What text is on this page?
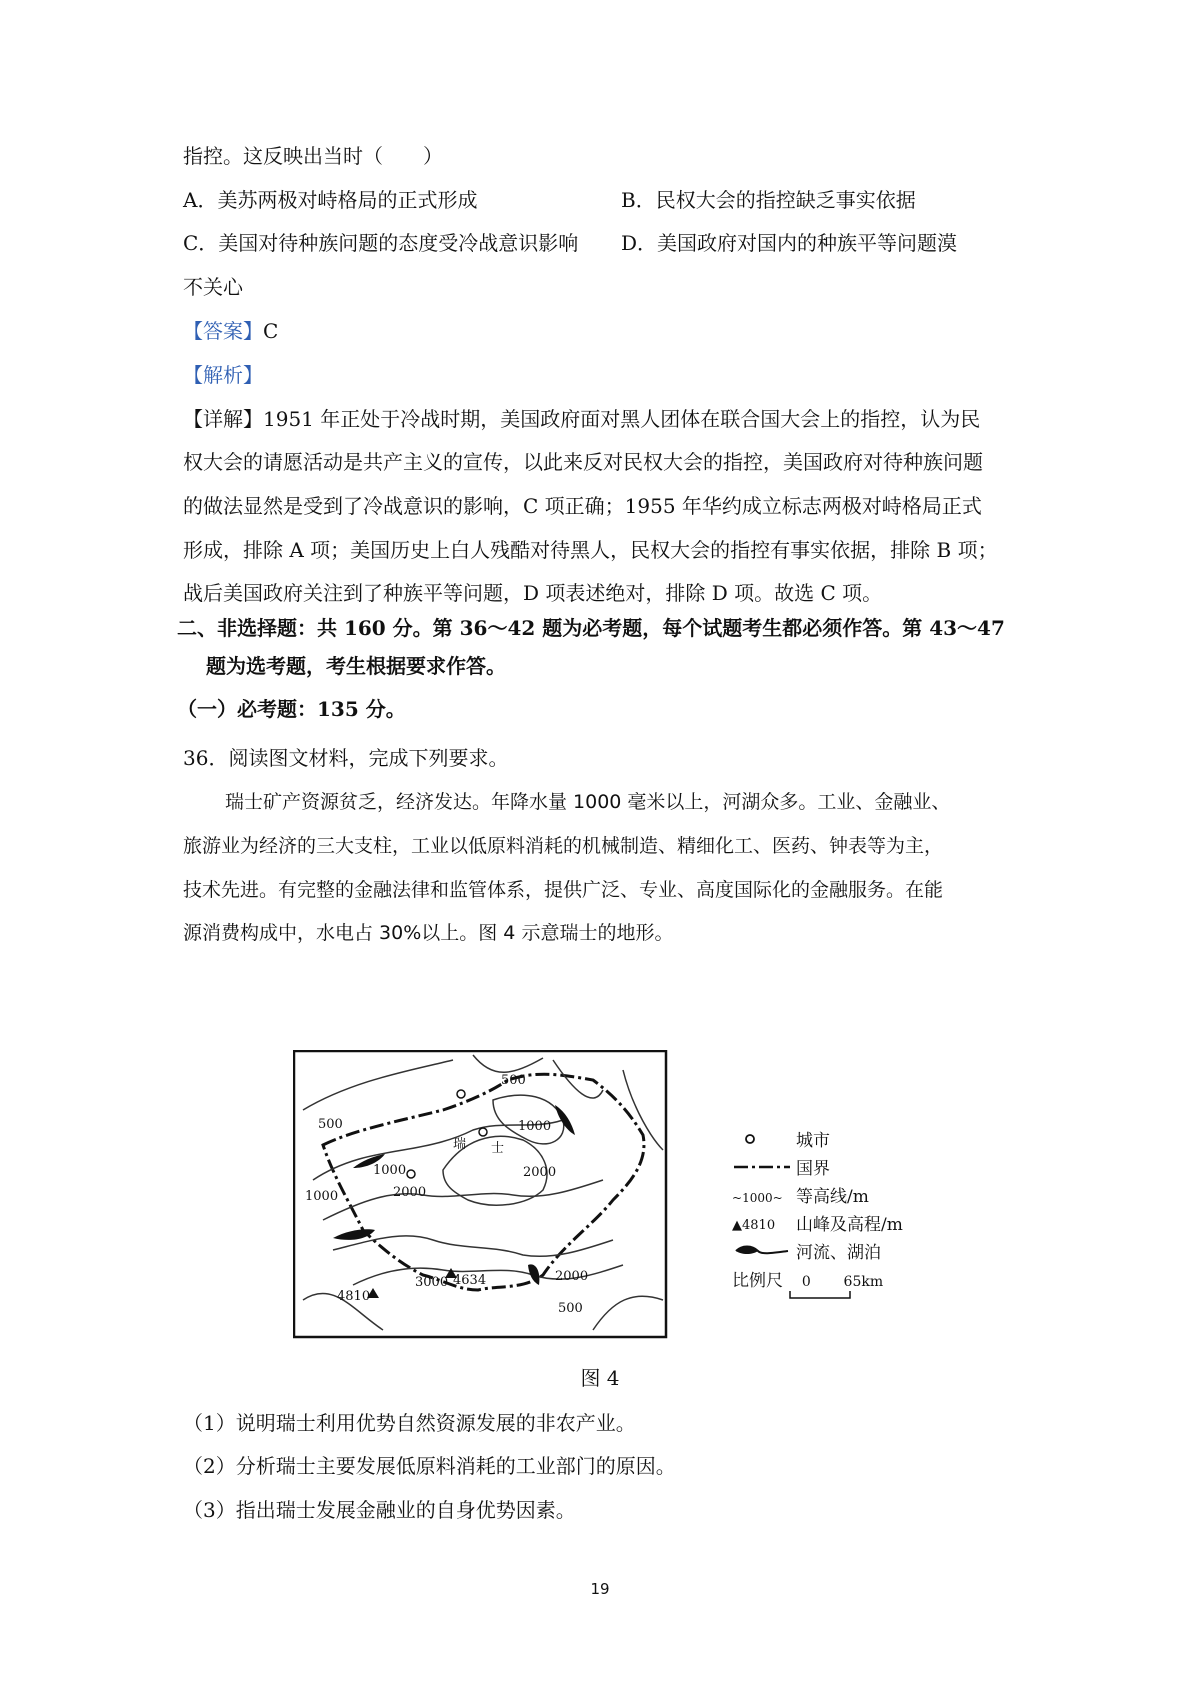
指控。这反映出当时（　　）
A．美苏两极对峙格局的正式形成	B．民权大会的指控缺乏事实依据
C．美国对待种族问题的态度受冷战意识影响 D．美国政府对国内的种族平等问题漠
不关心
【答案】C
【解析】
【详解】1951 年正处于冷战时期，美国政府面对黑人团体在联合国大会上的指控，认为民
权大会的请愿活动是共产主义的宣传，以此来反对民权大会的指控，美国政府对待种族问题
的做法显然是受到了冷战意识的影响，C 项正确；1955 年华约成立标志两极对峙格局正式
形成，排除 A 项；美国历史上白人残酷对待黑人，民权大会的指控有事实依据，排除 B 项；
战后美国政府关注到了种族平等问题，D 项表述绝对，排除 D 项。故选 C 项。
二、非选择题：共 160 分。第 36～42 题为必考题，每个试题考生都必须作答。第 43～47
题为选考题，考生根据要求作答。
（一）必考题：135 分。
36．阅读图文材料，完成下列要求。
瑞士矿产资源贫乏，经济发达。年降水量 1000 毫米以上，河湖众多。工业、金融业、
旅游业为经济的三大支柱，工业以低原料消耗的机械制造、精细化工、医药、钟表等为主，
技术先进。有完整的金融法律和监管体系，提供广泛、专业、高度国际化的金融服务。在能
源消费构成中，水电占 30%以上。图 4 示意瑞士的地形。
500
500
500
1000
1000
1000	2000
2000
2000
3000
4810
4634
瑞 士	城市
国界
~1000~ 等高线/m
▲4810 山峰及高程/m
河流、湖泊
比例尺 0 65km
图 4
（1）说明瑞士利用优势自然资源发展的非农产业。
（2）分析瑞士主要发展低原料消耗的工业部门的原因。
（3）指出瑞士发展金融业的自身优势因素。
19
